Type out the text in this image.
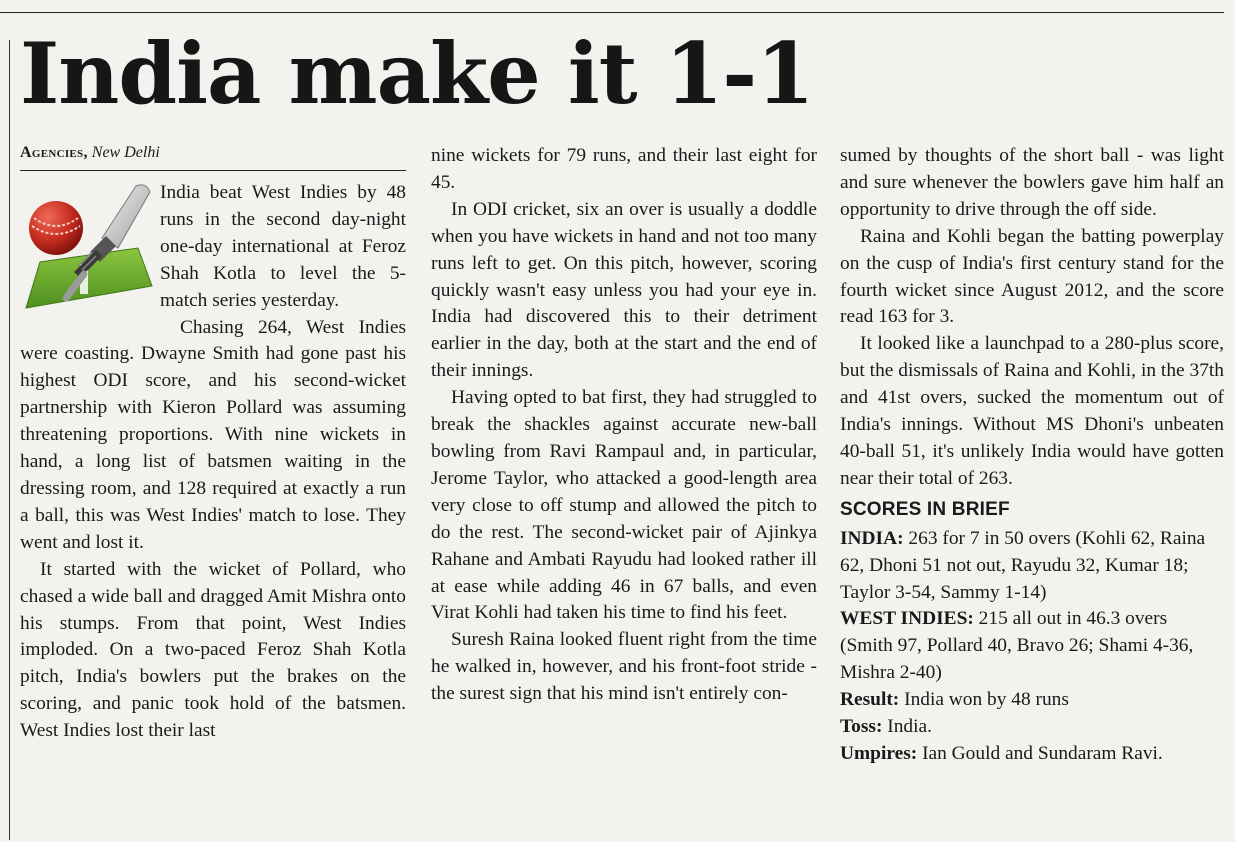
India make it 1-1
Agencies, New Delhi

India beat West Indies by 48 runs in the second day-night one-day international at Feroz Shah Kotla to level the 5-match series yesterday.

Chasing 264, West Indies were coasting. Dwayne Smith had gone past his highest ODI score, and his second-wicket partnership with Kieron Pollard was assuming threatening proportions. With nine wickets in hand, a long list of batsmen waiting in the dressing room, and 128 required at exactly a run a ball, this was West Indies' match to lose. They went and lost it.

It started with the wicket of Pollard, who chased a wide ball and dragged Amit Mishra onto his stumps. From that point, West Indies imploded. On a two-paced Feroz Shah Kotla pitch, India's bowlers put the brakes on the scoring, and panic took hold of the batsmen. West Indies lost their last

nine wickets for 79 runs, and their last eight for 45.

In ODI cricket, six an over is usually a doddle when you have wickets in hand and not too many runs left to get. On this pitch, however, scoring quickly wasn't easy unless you had your eye in. India had discovered this to their detriment earlier in the day, both at the start and the end of their innings.

Having opted to bat first, they had struggled to break the shackles against accurate new-ball bowling from Ravi Rampaul and, in particular, Jerome Taylor, who attacked a good-length area very close to off stump and allowed the pitch to do the rest. The second-wicket pair of Ajinkya Rahane and Ambati Rayudu had looked rather ill at ease while adding 46 in 67 balls, and even Virat Kohli had taken his time to find his feet.

Suresh Raina looked fluent right from the time he walked in, however, and his front-foot stride - the surest sign that his mind isn't entirely con-

sumed by thoughts of the short ball - was light and sure whenever the bowlers gave him half an opportunity to drive through the off side.

Raina and Kohli began the batting powerplay on the cusp of India's first century stand for the fourth wicket since August 2012, and the score read 163 for 3.

It looked like a launchpad to a 280-plus score, but the dismissals of Raina and Kohli, in the 37th and 41st overs, sucked the momentum out of India's innings. Without MS Dhoni's unbeaten 40-ball 51, it's unlikely India would have gotten near their total of 263.

SCORES IN BRIEF

INDIA: 263 for 7 in 50 overs (Kohli 62, Raina 62, Dhoni 51 not out, Rayudu 32, Kumar 18; Taylor 3-54, Sammy 1-14)

WEST INDIES: 215 all out in 46.3 overs (Smith 97, Pollard 40, Bravo 26; Shami 4-36, Mishra 2-40)

Result: India won by 48 runs

Toss: India.

Umpires: Ian Gould and Sundaram Ravi.
